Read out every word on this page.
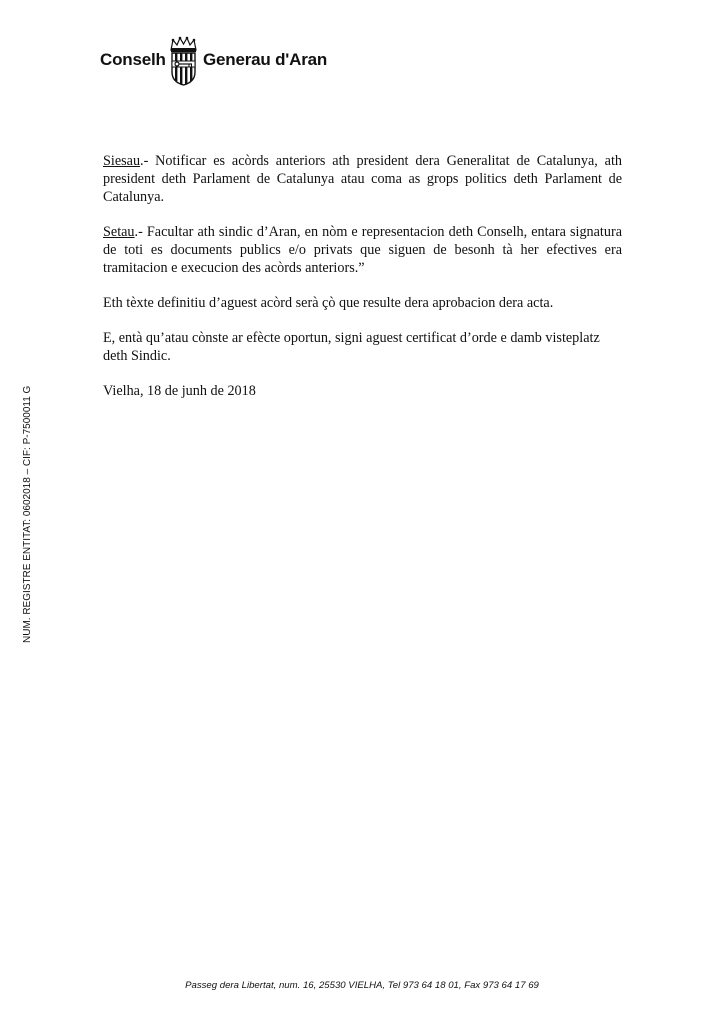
Conselh Generau d'Aran
NUM. REGISTRE ENTITAT: 0602018 – CIF: P-7500011 G

Siesau.- Notificar es acòrds anteriors ath president dera Generalitat de Catalunya, ath president deth Parlament de Catalunya atau coma as grops politics deth Parlament de Catalunya.

Setau.- Facultar ath sindic d’Aran, en nòm e representacion deth Conselh, entara signatura de toti es documents publics e/o privats que siguen de besonh tà her efectives era tramitacion e execucion des acòrds anteriors.”

Eth tèxte definitiu d’aguest acòrd serà çò que resulte dera aprobacion dera acta.

E, entà qu’atau cònste ar efècte oportun, signi aguest certificat d’orde e damb visteplatz deth Sindic.

Vielha, 18 de junh de 2018

Passeg dera Libertat, num. 16, 25530 VIELHA, Tel 973 64 18 01, Fax 973 64 17 69
